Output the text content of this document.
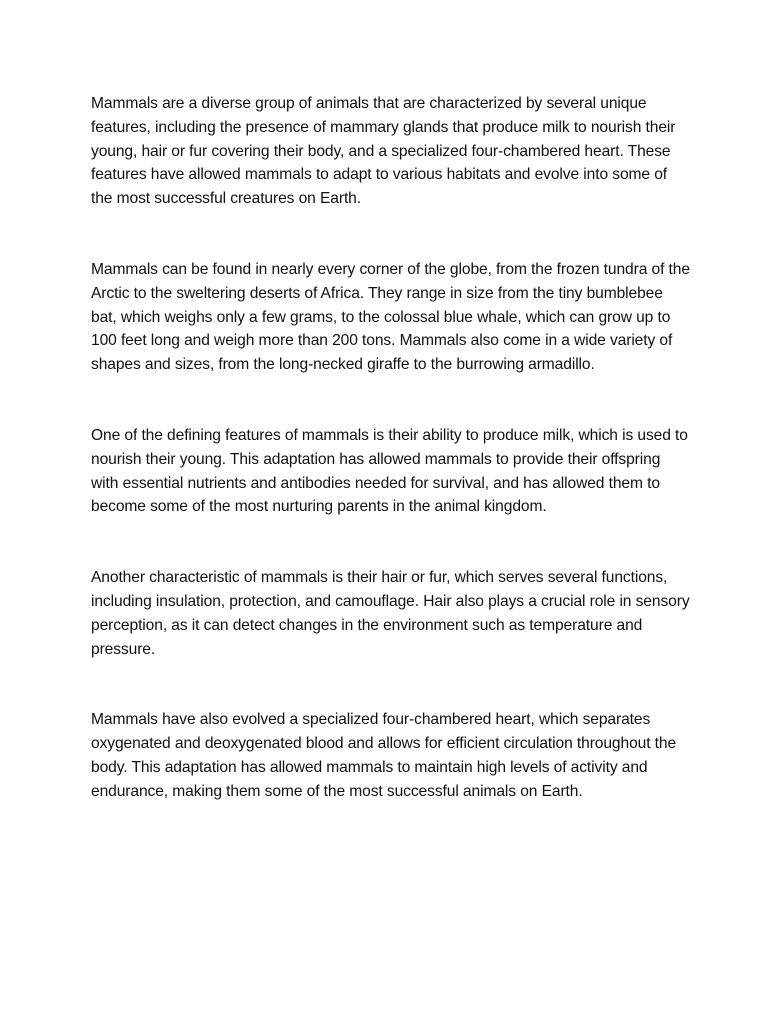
Mammals are a diverse group of animals that are characterized by several unique features, including the presence of mammary glands that produce milk to nourish their young, hair or fur covering their body, and a specialized four-chambered heart. These features have allowed mammals to adapt to various habitats and evolve into some of the most successful creatures on Earth.

Mammals can be found in nearly every corner of the globe, from the frozen tundra of the Arctic to the sweltering deserts of Africa. They range in size from the tiny bumblebee bat, which weighs only a few grams, to the colossal blue whale, which can grow up to 100 feet long and weigh more than 200 tons. Mammals also come in a wide variety of shapes and sizes, from the long-necked giraffe to the burrowing armadillo.

One of the defining features of mammals is their ability to produce milk, which is used to nourish their young. This adaptation has allowed mammals to provide their offspring with essential nutrients and antibodies needed for survival, and has allowed them to become some of the most nurturing parents in the animal kingdom.

Another characteristic of mammals is their hair or fur, which serves several functions, including insulation, protection, and camouflage. Hair also plays a crucial role in sensory perception, as it can detect changes in the environment such as temperature and pressure.

Mammals have also evolved a specialized four-chambered heart, which separates oxygenated and deoxygenated blood and allows for efficient circulation throughout the body. This adaptation has allowed mammals to maintain high levels of activity and endurance, making them some of the most successful animals on Earth.
